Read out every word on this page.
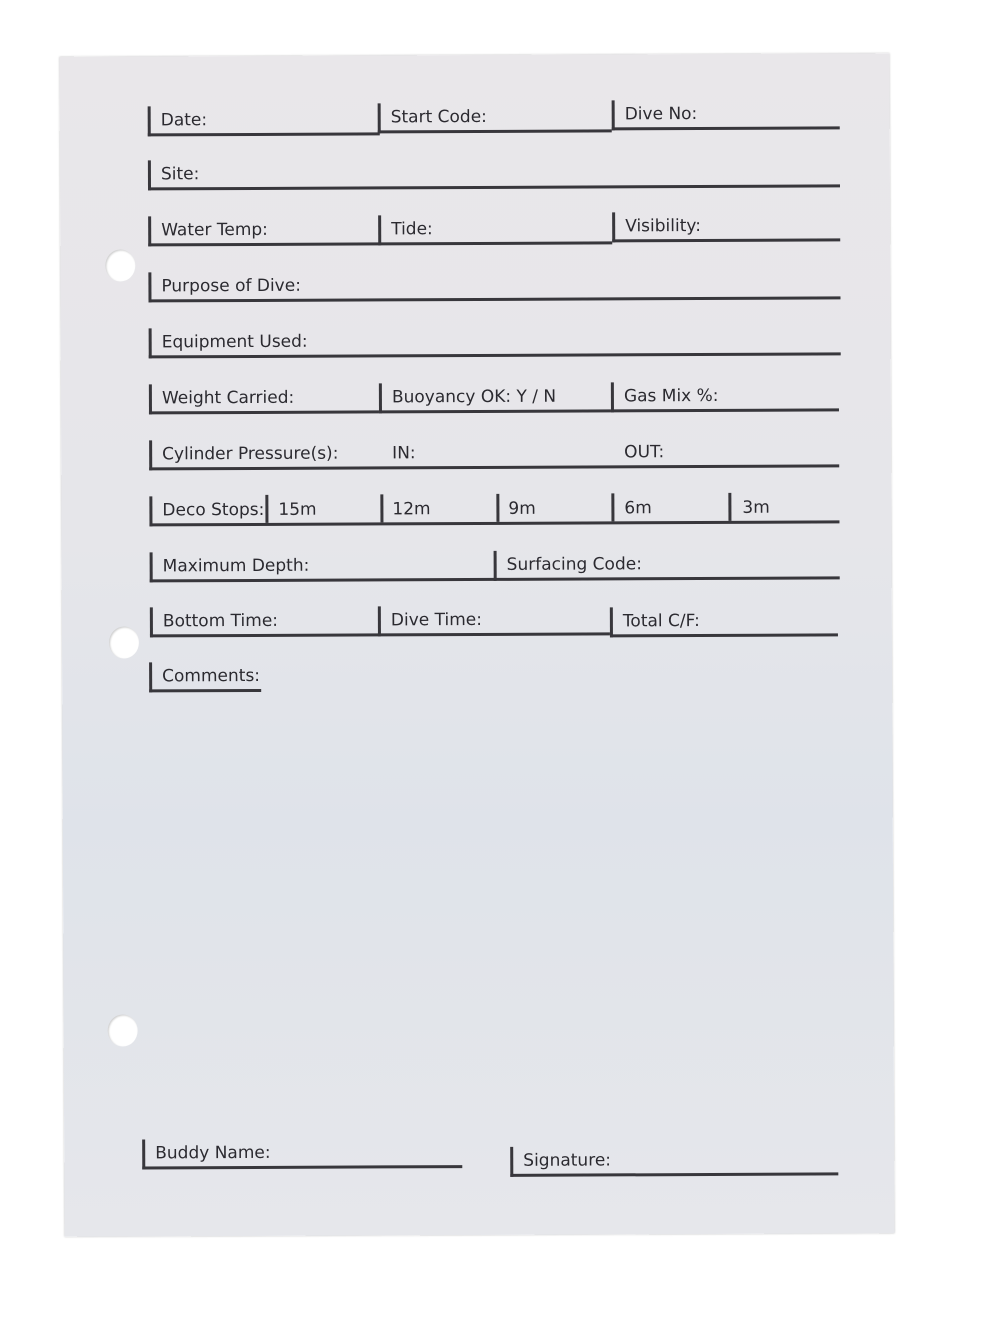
Date:	Start Code:	Dive No:
Site:
Water Temp:	Tide:	Visibility:
Purpose of Dive:
Equipment Used:
Weight Carried:	Buoyancy OK: Y / N	Gas Mix %:
Cylinder Pressure(s):	IN:	OUT:
Deco Stops: 15m	12m	9m	6m	3m
Maximum Depth:	Surfacing Code:
Bottom Time:	Dive Time:	Total C/F:
Comments:
Buddy Name:	Signature:
